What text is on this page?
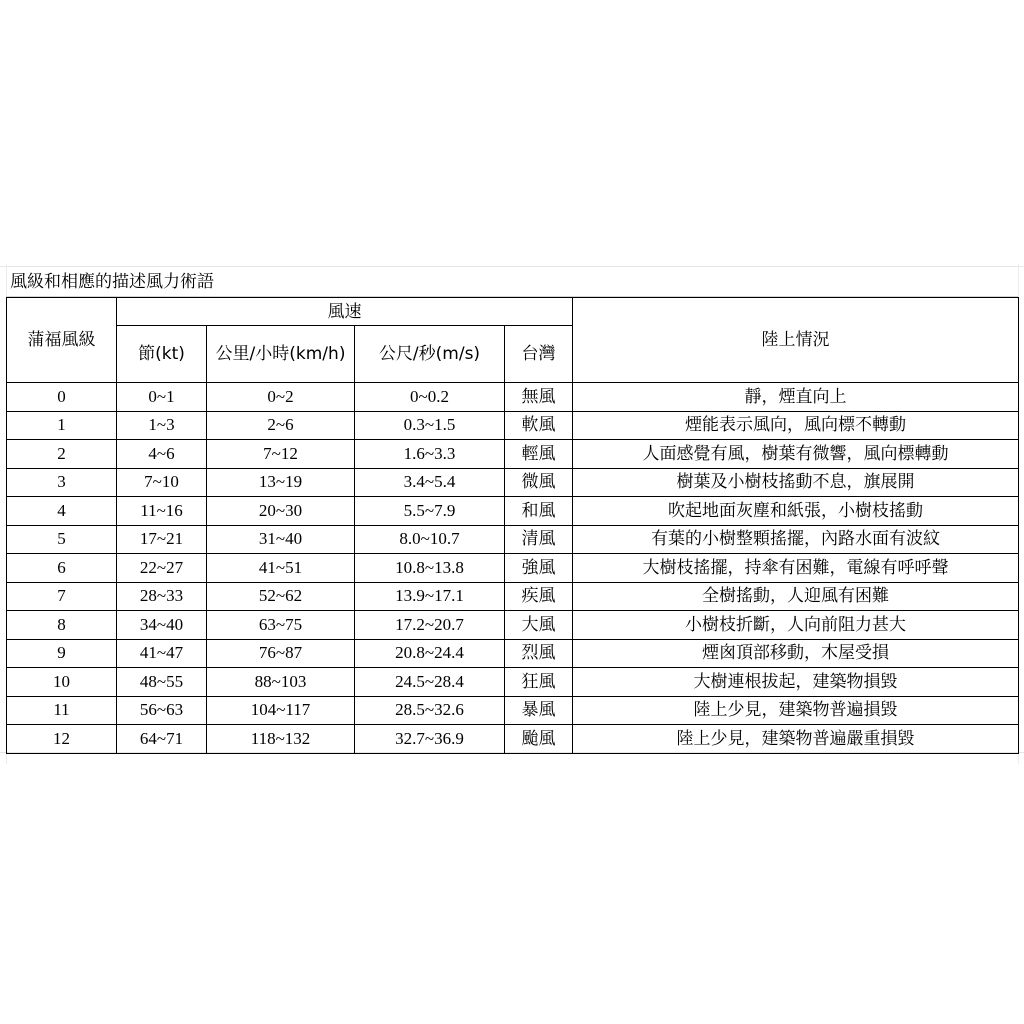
風級和相應的描述風力術語
蒲福風級	風速				陸上情況
	節(kt)	公里/小時(km/h)	公尺/秒(m/s)	台灣	
0	0~1	0~2	0~0.2	無風	靜，煙直向上
1	1~3	2~6	0.3~1.5	軟風	煙能表示風向，風向標不轉動
2	4~6	7~12	1.6~3.3	輕風	人面感覺有風，樹葉有微響，風向標轉動
3	7~10	13~19	3.4~5.4	微風	樹葉及小樹枝搖動不息，旗展開
4	11~16	20~30	5.5~7.9	和風	吹起地面灰塵和紙張，小樹枝搖動
5	17~21	31~40	8.0~10.7	清風	有葉的小樹整顆搖擺，內路水面有波紋
6	22~27	41~51	10.8~13.8	強風	大樹枝搖擺，持傘有困難，電線有呼呼聲
7	28~33	52~62	13.9~17.1	疾風	全樹搖動，人迎風有困難
8	34~40	63~75	17.2~20.7	大風	小樹枝折斷，人向前阻力甚大
9	41~47	76~87	20.8~24.4	烈風	煙囪頂部移動，木屋受損
10	48~55	88~103	24.5~28.4	狂風	大樹連根拔起，建築物損毀
11	56~63	104~117	28.5~32.6	暴風	陸上少見，建築物普遍損毀
12	64~71	118~132	32.7~36.9	颱風	陸上少見，建築物普遍嚴重損毀
